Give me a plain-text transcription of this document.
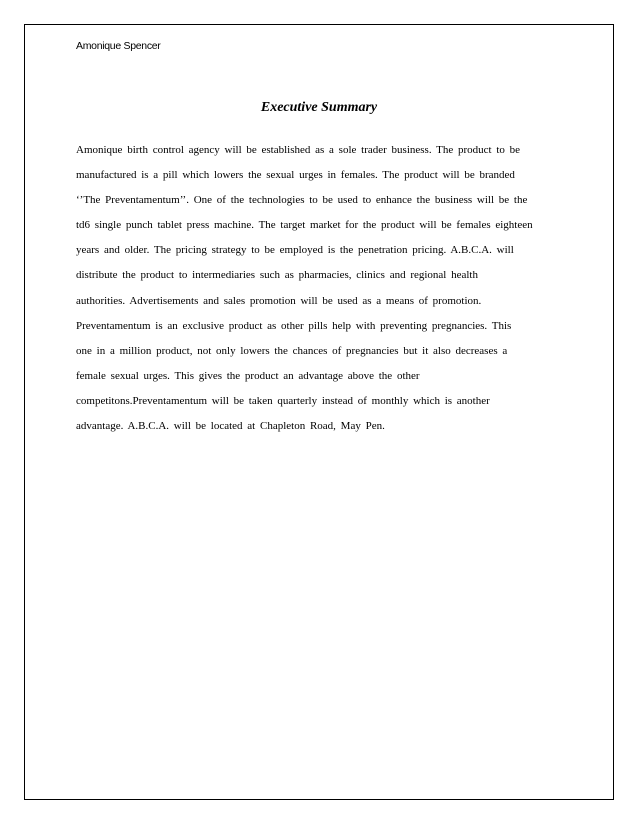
Amonique Spencer
Executive Summary
Amonique birth control agency will be established as a sole trader business. The product to be
manufactured is a pill which lowers the sexual urges in females. The product will be branded
‘’The Preventamentum’’. One of the technologies to be used to enhance the business will be the
td6 single punch tablet press machine. The target market for the product will be females eighteen
years and older. The pricing strategy to be employed is the penetration pricing. A.B.C.A. will
distribute the product to intermediaries such as pharmacies, clinics and regional health
authorities. Advertisements and sales promotion will be used as a means of promotion.
Preventamentum is an exclusive product as other pills help with preventing pregnancies. This
one in a million product, not only lowers the chances of pregnancies but it also decreases a
female sexual urges. This gives the product an advantage above the other
competitons.Preventamentum will be taken quarterly instead of monthly which is another
advantage. A.B.C.A. will be located at Chapleton Road, May Pen.
